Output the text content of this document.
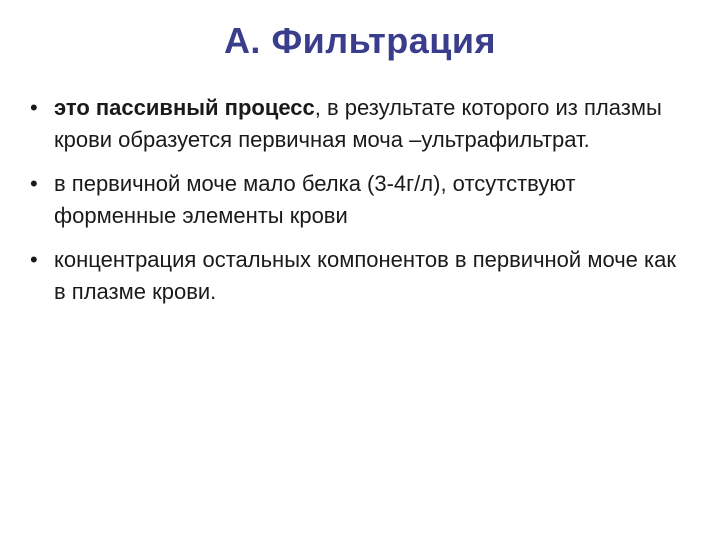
А. Фильтрация
• это пассивный процесс, в результате которого из плазмы крови образуется первичная моча –ультрафильтрат.
• в первичной моче мало белка (3-4г/л), отсутствуют форменные элементы крови
• концентрация остальных компонентов в первичной моче как в плазме крови.
